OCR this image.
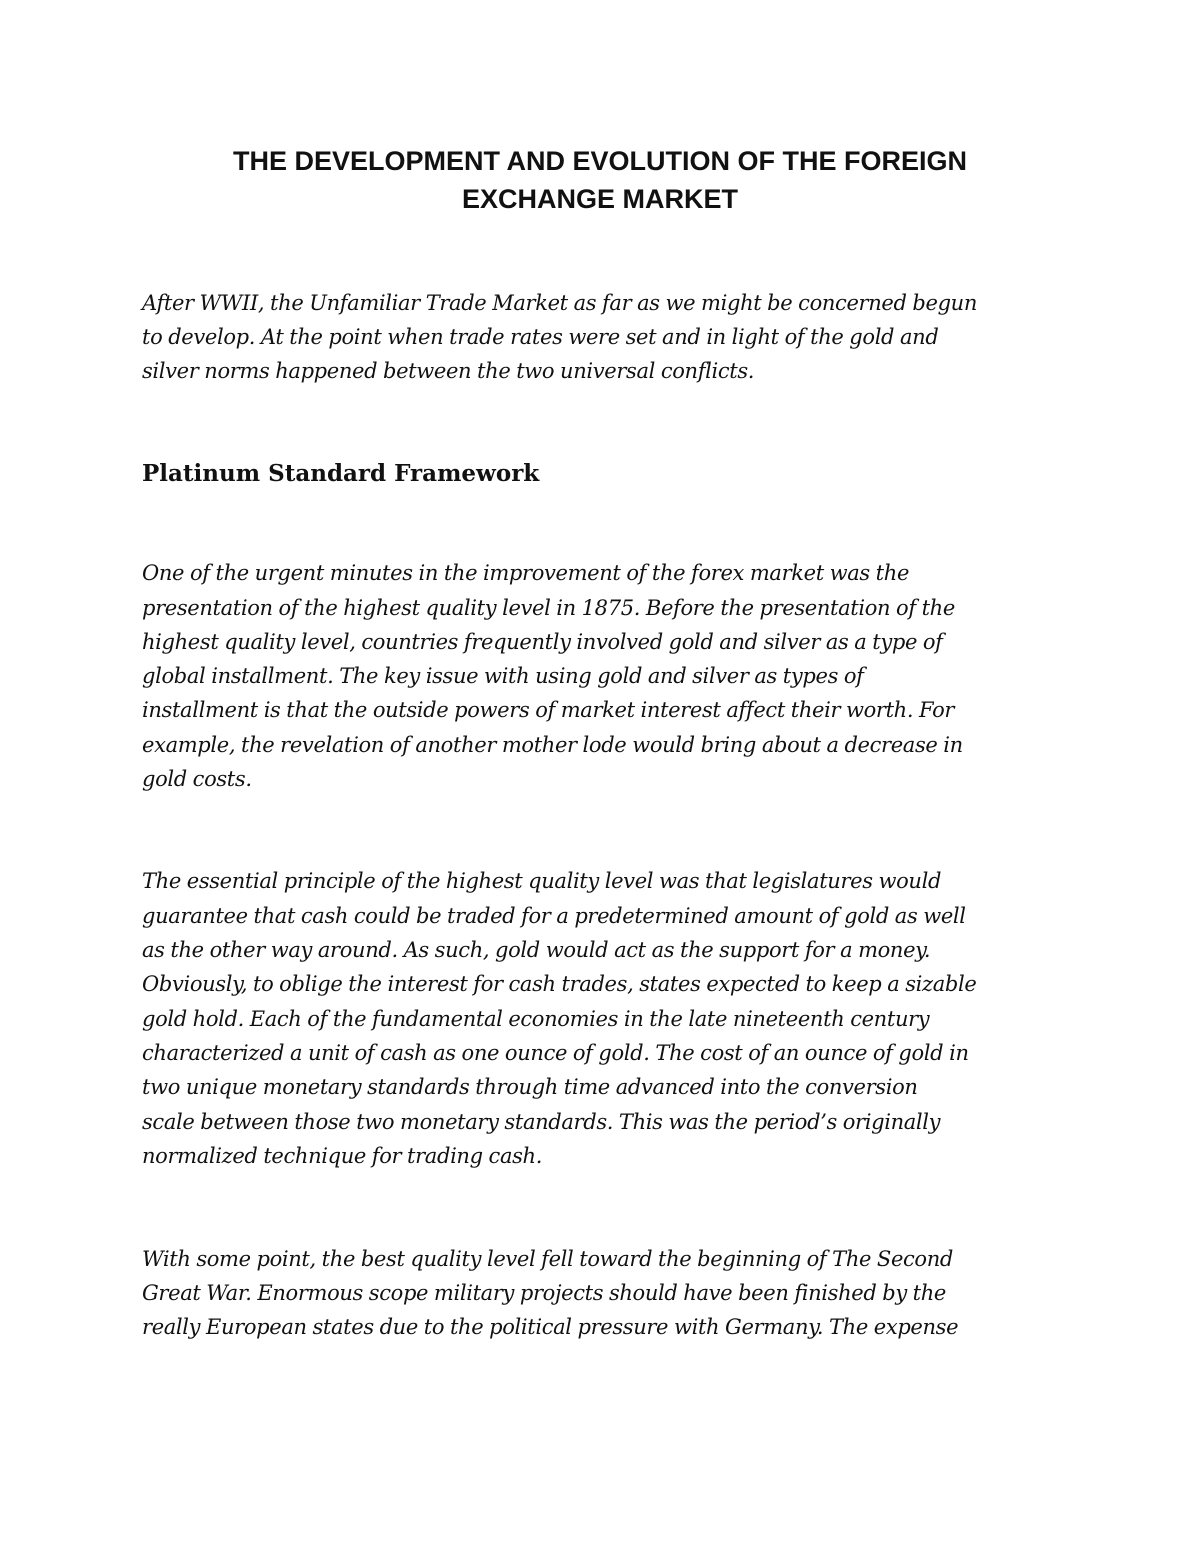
THE DEVELOPMENT AND EVOLUTION OF THE FOREIGN
EXCHANGE MARKET

After WWII, the Unfamiliar Trade Market as far as we might be concerned begun

to develop. At the point when trade rates were set and in light of the gold and

silver norms happened between the two universal conflicts.

Platinum Standard Framework

One of the urgent minutes in the improvement of the forex market was the

presentation of the highest quality level in 1875. Before the presentation of the

highest quality level, countries frequently involved gold and silver as a type of

global installment. The key issue with using gold and silver as types of

installment is that the outside powers of market interest affect their worth. For

example, the revelation of another mother lode would bring about a decrease in

gold costs.

The essential principle of the highest quality level was that legislatures would

guarantee that cash could be traded for a predetermined amount of gold as well

as the other way around. As such, gold would act as the support for a money.

Obviously, to oblige the interest for cash trades, states expected to keep a sizable

gold hold. Each of the fundamental economies in the late nineteenth century

characterized a unit of cash as one ounce of gold. The cost of an ounce of gold in

two unique monetary standards through time advanced into the conversion

scale between those two monetary standards. This was the period’s originally

normalized technique for trading cash.

With some point, the best quality level fell toward the beginning of The Second

Great War. Enormous scope military projects should have been finished by the

really European states due to the political pressure with Germany. The expense
